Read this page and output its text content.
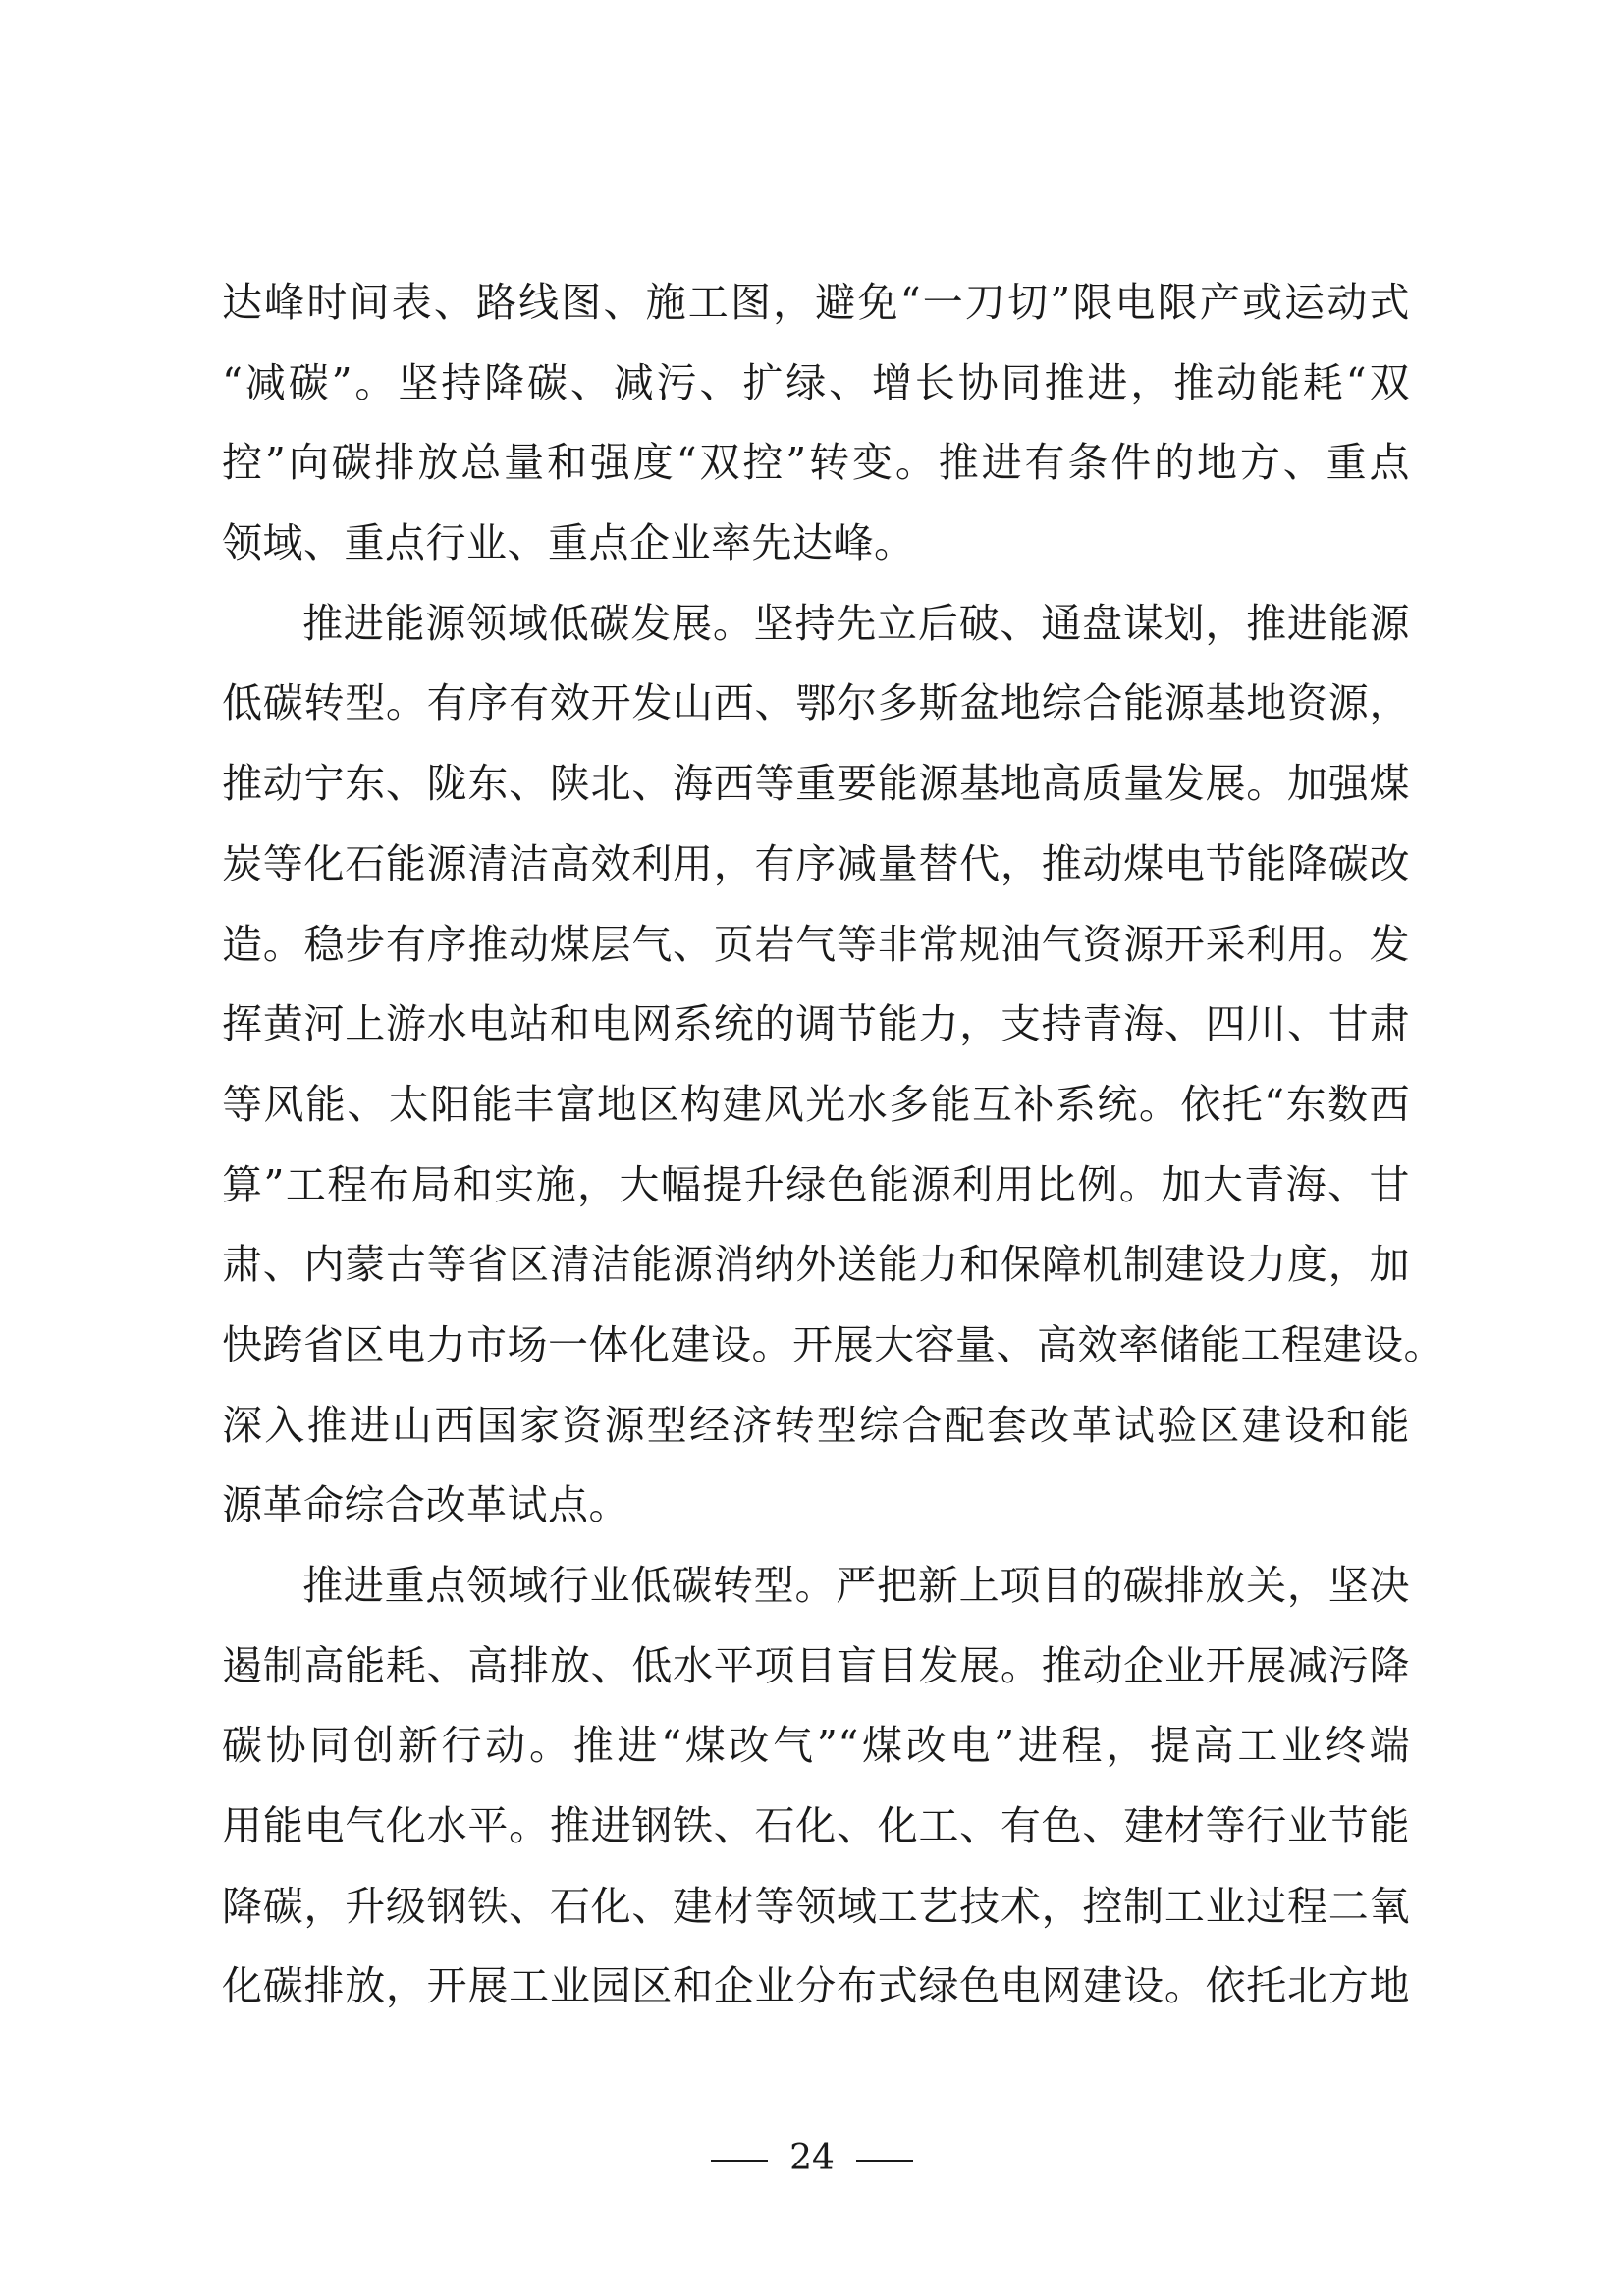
达峰时间表、路线图、施工图，避免“一刀切”限电限产或运动式
“减碳”。坚持降碳、减污、扩绿、增长协同推进，推动能耗“双
控”向碳排放总量和强度“双控”转变。推进有条件的地方、重点
领域、重点行业、重点企业率先达峰。
推进能源领域低碳发展。坚持先立后破、通盘谋划，推进能源
低碳转型。有序有效开发山西、鄂尔多斯盆地综合能源基地资源，
推动宁东、陇东、陕北、海西等重要能源基地高质量发展。加强煤
炭等化石能源清洁高效利用，有序减量替代，推动煤电节能降碳改
造。稳步有序推动煤层气、页岩气等非常规油气资源开采利用。发
挥黄河上游水电站和电网系统的调节能力，支持青海、四川、甘肃
等风能、太阳能丰富地区构建风光水多能互补系统。依托“东数西
算”工程布局和实施，大幅提升绿色能源利用比例。加大青海、甘
肃、内蒙古等省区清洁能源消纳外送能力和保障机制建设力度，加
快跨省区电力市场一体化建设。开展大容量、高效率储能工程建设。
深入推进山西国家资源型经济转型综合配套改革试验区建设和能
源革命综合改革试点。
推进重点领域行业低碳转型。严把新上项目的碳排放关，坚决
遏制高能耗、高排放、低水平项目盲目发展。推动企业开展减污降
碳协同创新行动。推进“煤改气”“煤改电”进程，提高工业终端
用能电气化水平。推进钢铁、石化、化工、有色、建材等行业节能
降碳，升级钢铁、石化、建材等领域工艺技术，控制工业过程二氧
化碳排放，开展工业园区和企业分布式绿色电网建设。依托北方地
24
